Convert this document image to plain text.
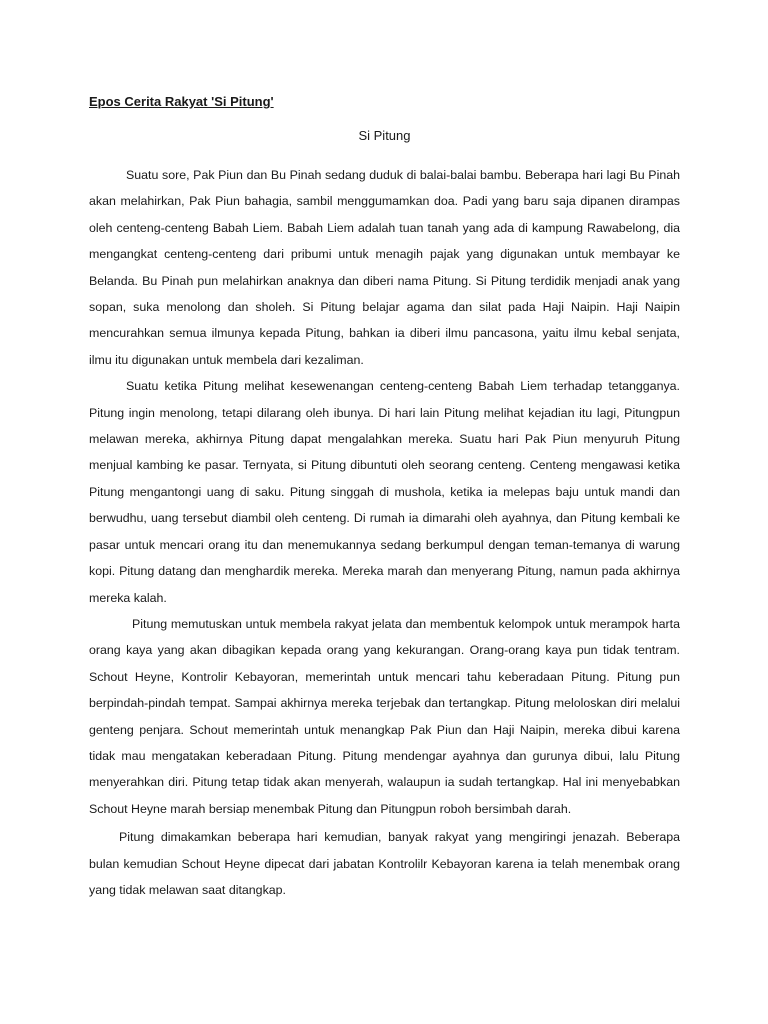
Epos Cerita Rakyat 'Si Pitung'
Si Pitung

Suatu sore, Pak Piun dan Bu Pinah sedang duduk di balai-balai bambu. Beberapa hari lagi Bu Pinah akan melahirkan, Pak Piun bahagia, sambil menggumamkan doa. Padi yang baru saja dipanen dirampas oleh centeng-centeng Babah Liem. Babah Liem adalah tuan tanah yang ada di kampung Rawabelong, dia mengangkat centeng-centeng dari pribumi untuk menagih pajak yang digunakan untuk membayar ke Belanda. Bu Pinah pun melahirkan anaknya dan diberi nama Pitung. Si Pitung terdidik menjadi anak yang sopan, suka menolong dan sholeh. Si Pitung belajar agama dan silat pada Haji Naipin. Haji Naipin mencurahkan semua ilmunya kepada Pitung, bahkan ia diberi ilmu pancasona, yaitu ilmu kebal senjata, ilmu itu digunakan untuk membela dari kezaliman.

Suatu ketika Pitung melihat kesewenangan centeng-centeng Babah Liem terhadap tetangganya. Pitung ingin menolong, tetapi dilarang oleh ibunya. Di hari lain Pitung melihat kejadian itu lagi, Pitungpun melawan mereka, akhirnya Pitung dapat mengalahkan mereka. Suatu hari Pak Piun menyuruh Pitung menjual kambing ke pasar. Ternyata, si Pitung dibuntuti oleh seorang centeng. Centeng mengawasi ketika Pitung mengantongi uang di saku. Pitung singgah di mushola, ketika ia melepas baju untuk mandi dan berwudhu, uang tersebut diambil oleh centeng. Di rumah ia dimarahi oleh ayahnya, dan Pitung kembali ke pasar untuk mencari orang itu dan menemukannya sedang berkumpul dengan teman-temanya di warung kopi. Pitung datang dan menghardik mereka. Mereka marah dan menyerang Pitung, namun pada akhirnya mereka kalah.

Pitung memutuskan untuk membela rakyat jelata dan membentuk kelompok untuk merampok harta orang kaya yang akan dibagikan kepada orang yang kekurangan. Orang-orang kaya pun tidak tentram. Schout Heyne, Kontrolir Kebayoran, memerintah untuk mencari tahu keberadaan Pitung. Pitung pun berpindah-pindah tempat. Sampai akhirnya mereka terjebak dan tertangkap. Pitung meloloskan diri melalui genteng penjara. Schout memerintah untuk menangkap Pak Piun dan Haji Naipin, mereka dibui karena tidak mau mengatakan keberadaan Pitung. Pitung mendengar ayahnya dan gurunya dibui, lalu Pitung menyerahkan diri. Pitung tetap tidak akan menyerah, walaupun ia sudah tertangkap. Hal ini menyebabkan Schout Heyne marah bersiap menembak Pitung dan Pitungpun roboh bersimbah darah.

Pitung dimakamkan beberapa hari kemudian, banyak rakyat yang mengiringi jenazah. Beberapa bulan kemudian Schout Heyne dipecat dari jabatan Kontrolilr Kebayoran karena ia telah menembak orang yang tidak melawan saat ditangkap.
